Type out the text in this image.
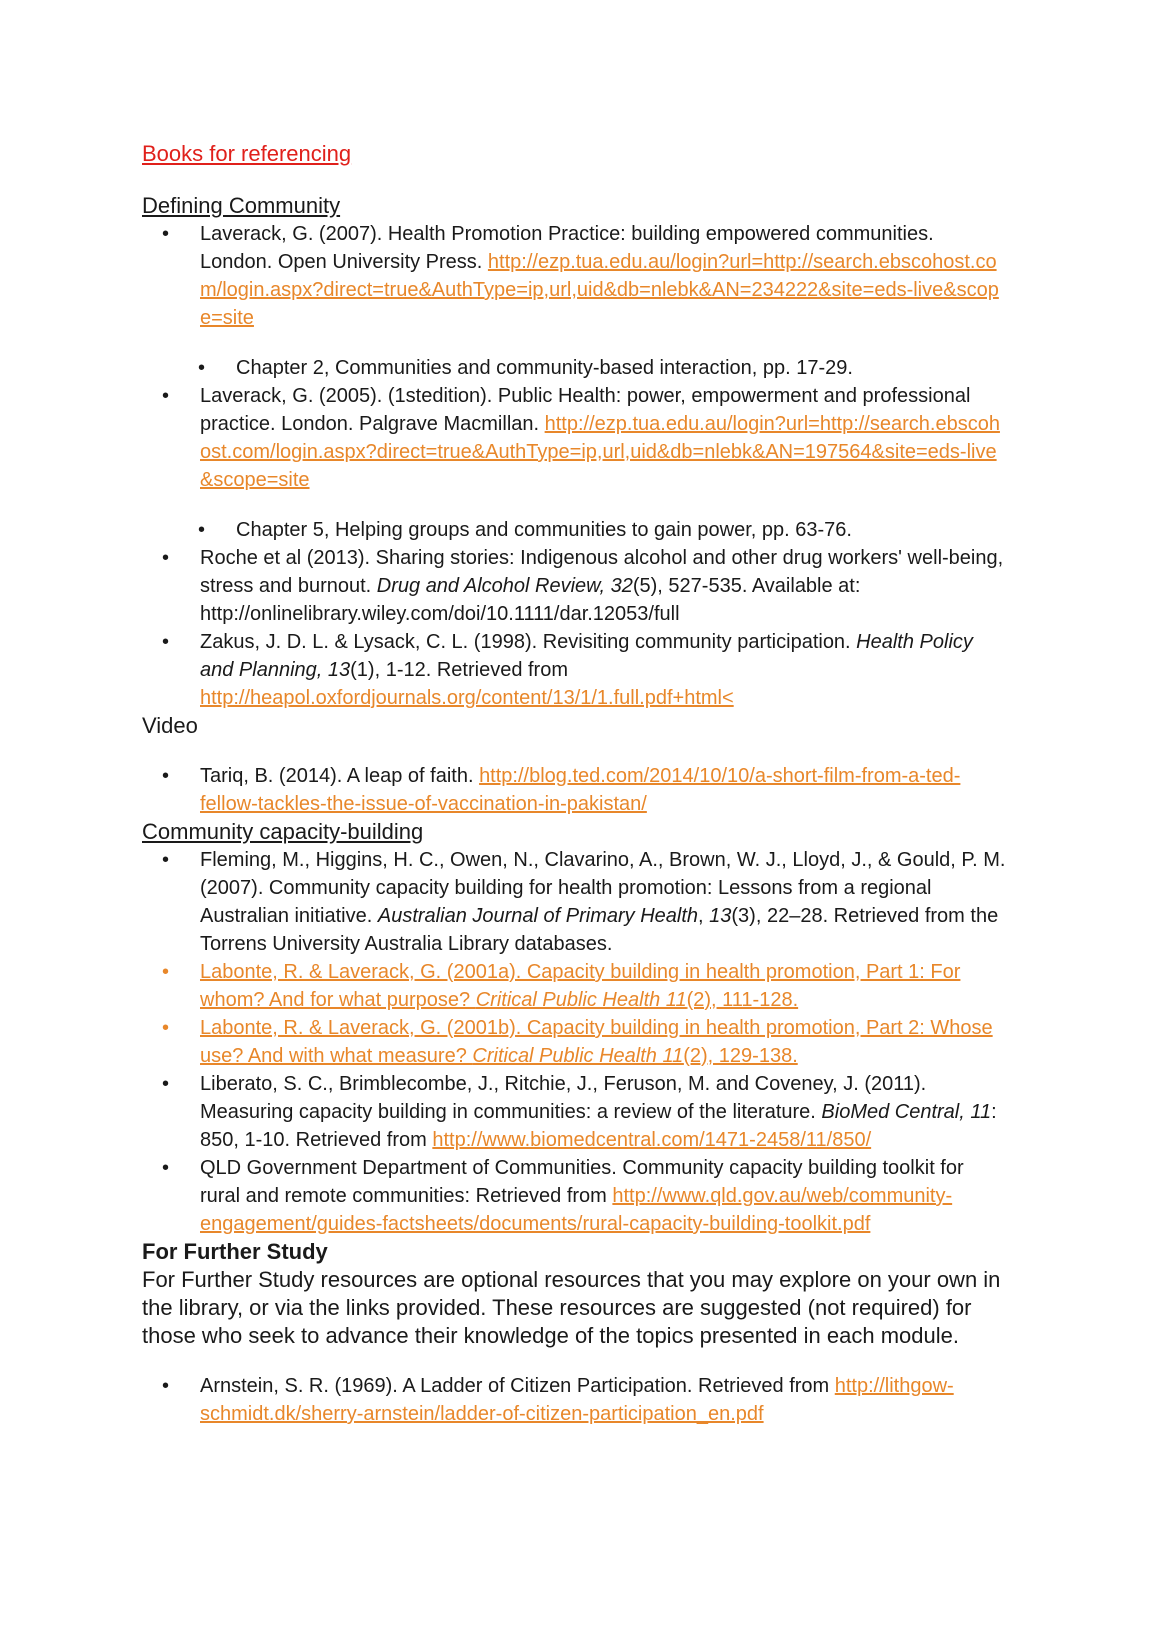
Books for referencing
Defining Community
• Laverack, G. (2007). Health Promotion Practice: building empowered communities. London. Open University Press. http://ezp.tua.edu.au/login?url=http://search.ebscohost.com/login.aspx?direct=true&AuthType=ip,url,uid&db=nlebk&AN=234222&site=eds-live&scope=site
• Chapter 2, Communities and community-based interaction, pp. 17-29.
• Laverack, G. (2005). (1stedition). Public Health: power, empowerment and professional practice. London. Palgrave Macmillan. http://ezp.tua.edu.au/login?url=http://search.ebscohost.com/login.aspx?direct=true&AuthType=ip,url,uid&db=nlebk&AN=197564&site=eds-live&scope=site
• Chapter 5, Helping groups and communities to gain power, pp. 63-76.
• Roche et al (2013). Sharing stories: Indigenous alcohol and other drug workers' well-being, stress and burnout. Drug and Alcohol Review, 32(5), 527-535. Available at: http://onlinelibrary.wiley.com/doi/10.1111/dar.12053/full
• Zakus, J. D. L. & Lysack, C. L. (1998). Revisiting community participation. Health Policy and Planning, 13(1), 1-12. Retrieved from http://heapol.oxfordjournals.org/content/13/1/1.full.pdf+html<
Video
• Tariq, B. (2014). A leap of faith. http://blog.ted.com/2014/10/10/a-short-film-from-a-ted-fellow-tackles-the-issue-of-vaccination-in-pakistan/
Community capacity-building
• Fleming, M., Higgins, H. C., Owen, N., Clavarino, A., Brown, W. J., Lloyd, J., & Gould, P. M. (2007). Community capacity building for health promotion: Lessons from a regional Australian initiative. Australian Journal of Primary Health, 13(3), 22–28. Retrieved from the Torrens University Australia Library databases.
• Labonte, R. & Laverack, G. (2001a). Capacity building in health promotion, Part 1: For whom? And for what purpose? Critical Public Health 11(2), 111-128.
• Labonte, R. & Laverack, G. (2001b). Capacity building in health promotion, Part 2: Whose use? And with what measure? Critical Public Health 11(2), 129-138.
• Liberato, S. C., Brimblecombe, J., Ritchie, J., Feruson, M. and Coveney, J. (2011). Measuring capacity building in communities: a review of the literature. BioMed Central, 11: 850, 1-10. Retrieved from http://www.biomedcentral.com/1471-2458/11/850/
• QLD Government Department of Communities. Community capacity building toolkit for rural and remote communities: Retrieved from http://www.qld.gov.au/web/community-engagement/guides-factsheets/documents/rural-capacity-building-toolkit.pdf
For Further Study

For Further Study resources are optional resources that you may explore on your own in the library, or via the links provided. These resources are suggested (not required) for those who seek to advance their knowledge of the topics presented in each module.

• Arnstein, S. R. (1969). A Ladder of Citizen Participation. Retrieved from http://lithgow-schmidt.dk/sherry-arnstein/ladder-of-citizen-participation_en.pdf
